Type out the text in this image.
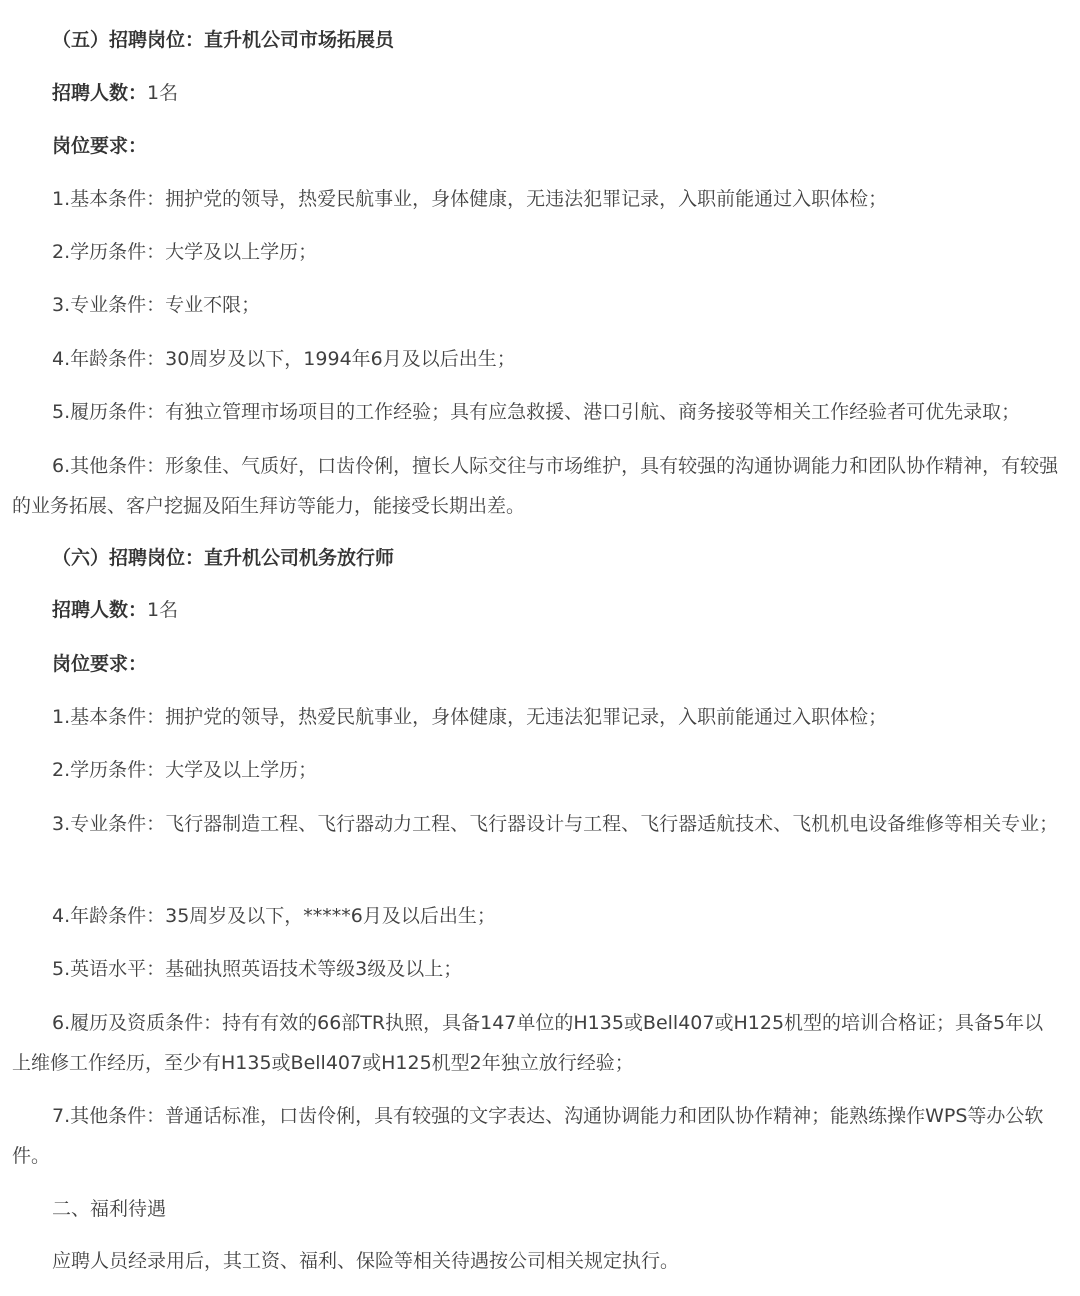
（五）招聘岗位：直升机公司市场拓展员
招聘人数：1名
岗位要求：
1.基本条件：拥护党的领导，热爱民航事业，身体健康，无违法犯罪记录，入职前能通过入职体检；
2.学历条件：大学及以上学历；
3.专业条件：专业不限；
4.年龄条件：30周岁及以下，1994年6月及以后出生；
5.履历条件：有独立管理市场项目的工作经验；具有应急救援、港口引航、商务接驳等相关工作经验者可优先录取；
6.其他条件：形象佳、气质好，口齿伶俐，擅长人际交往与市场维护，具有较强的沟通协调能力和团队协作精神，有较强的业务拓展、客户挖掘及陌生拜访等能力，能接受长期出差。
（六）招聘岗位：直升机公司机务放行师
招聘人数：1名
岗位要求：
1.基本条件：拥护党的领导，热爱民航事业，身体健康，无违法犯罪记录，入职前能通过入职体检；
2.学历条件：大学及以上学历；
3.专业条件：飞行器制造工程、飞行器动力工程、飞行器设计与工程、飞行器适航技术、飞机机电设备维修等相关专业；
4.年龄条件：35周岁及以下，*****6月及以后出生；
5.英语水平：基础执照英语技术等级3级及以上；
6.履历及资质条件：持有有效的66部TR执照，具备147单位的H135或Bell407或H125机型的培训合格证；具备5年以上维修工作经历，至少有H135或Bell407或H125机型2年独立放行经验；
7.其他条件：普通话标准，口齿伶俐，具有较强的文字表达、沟通协调能力和团队协作精神；能熟练操作WPS等办公软件。
二、福利待遇
应聘人员经录用后，其工资、福利、保险等相关待遇按公司相关规定执行。
